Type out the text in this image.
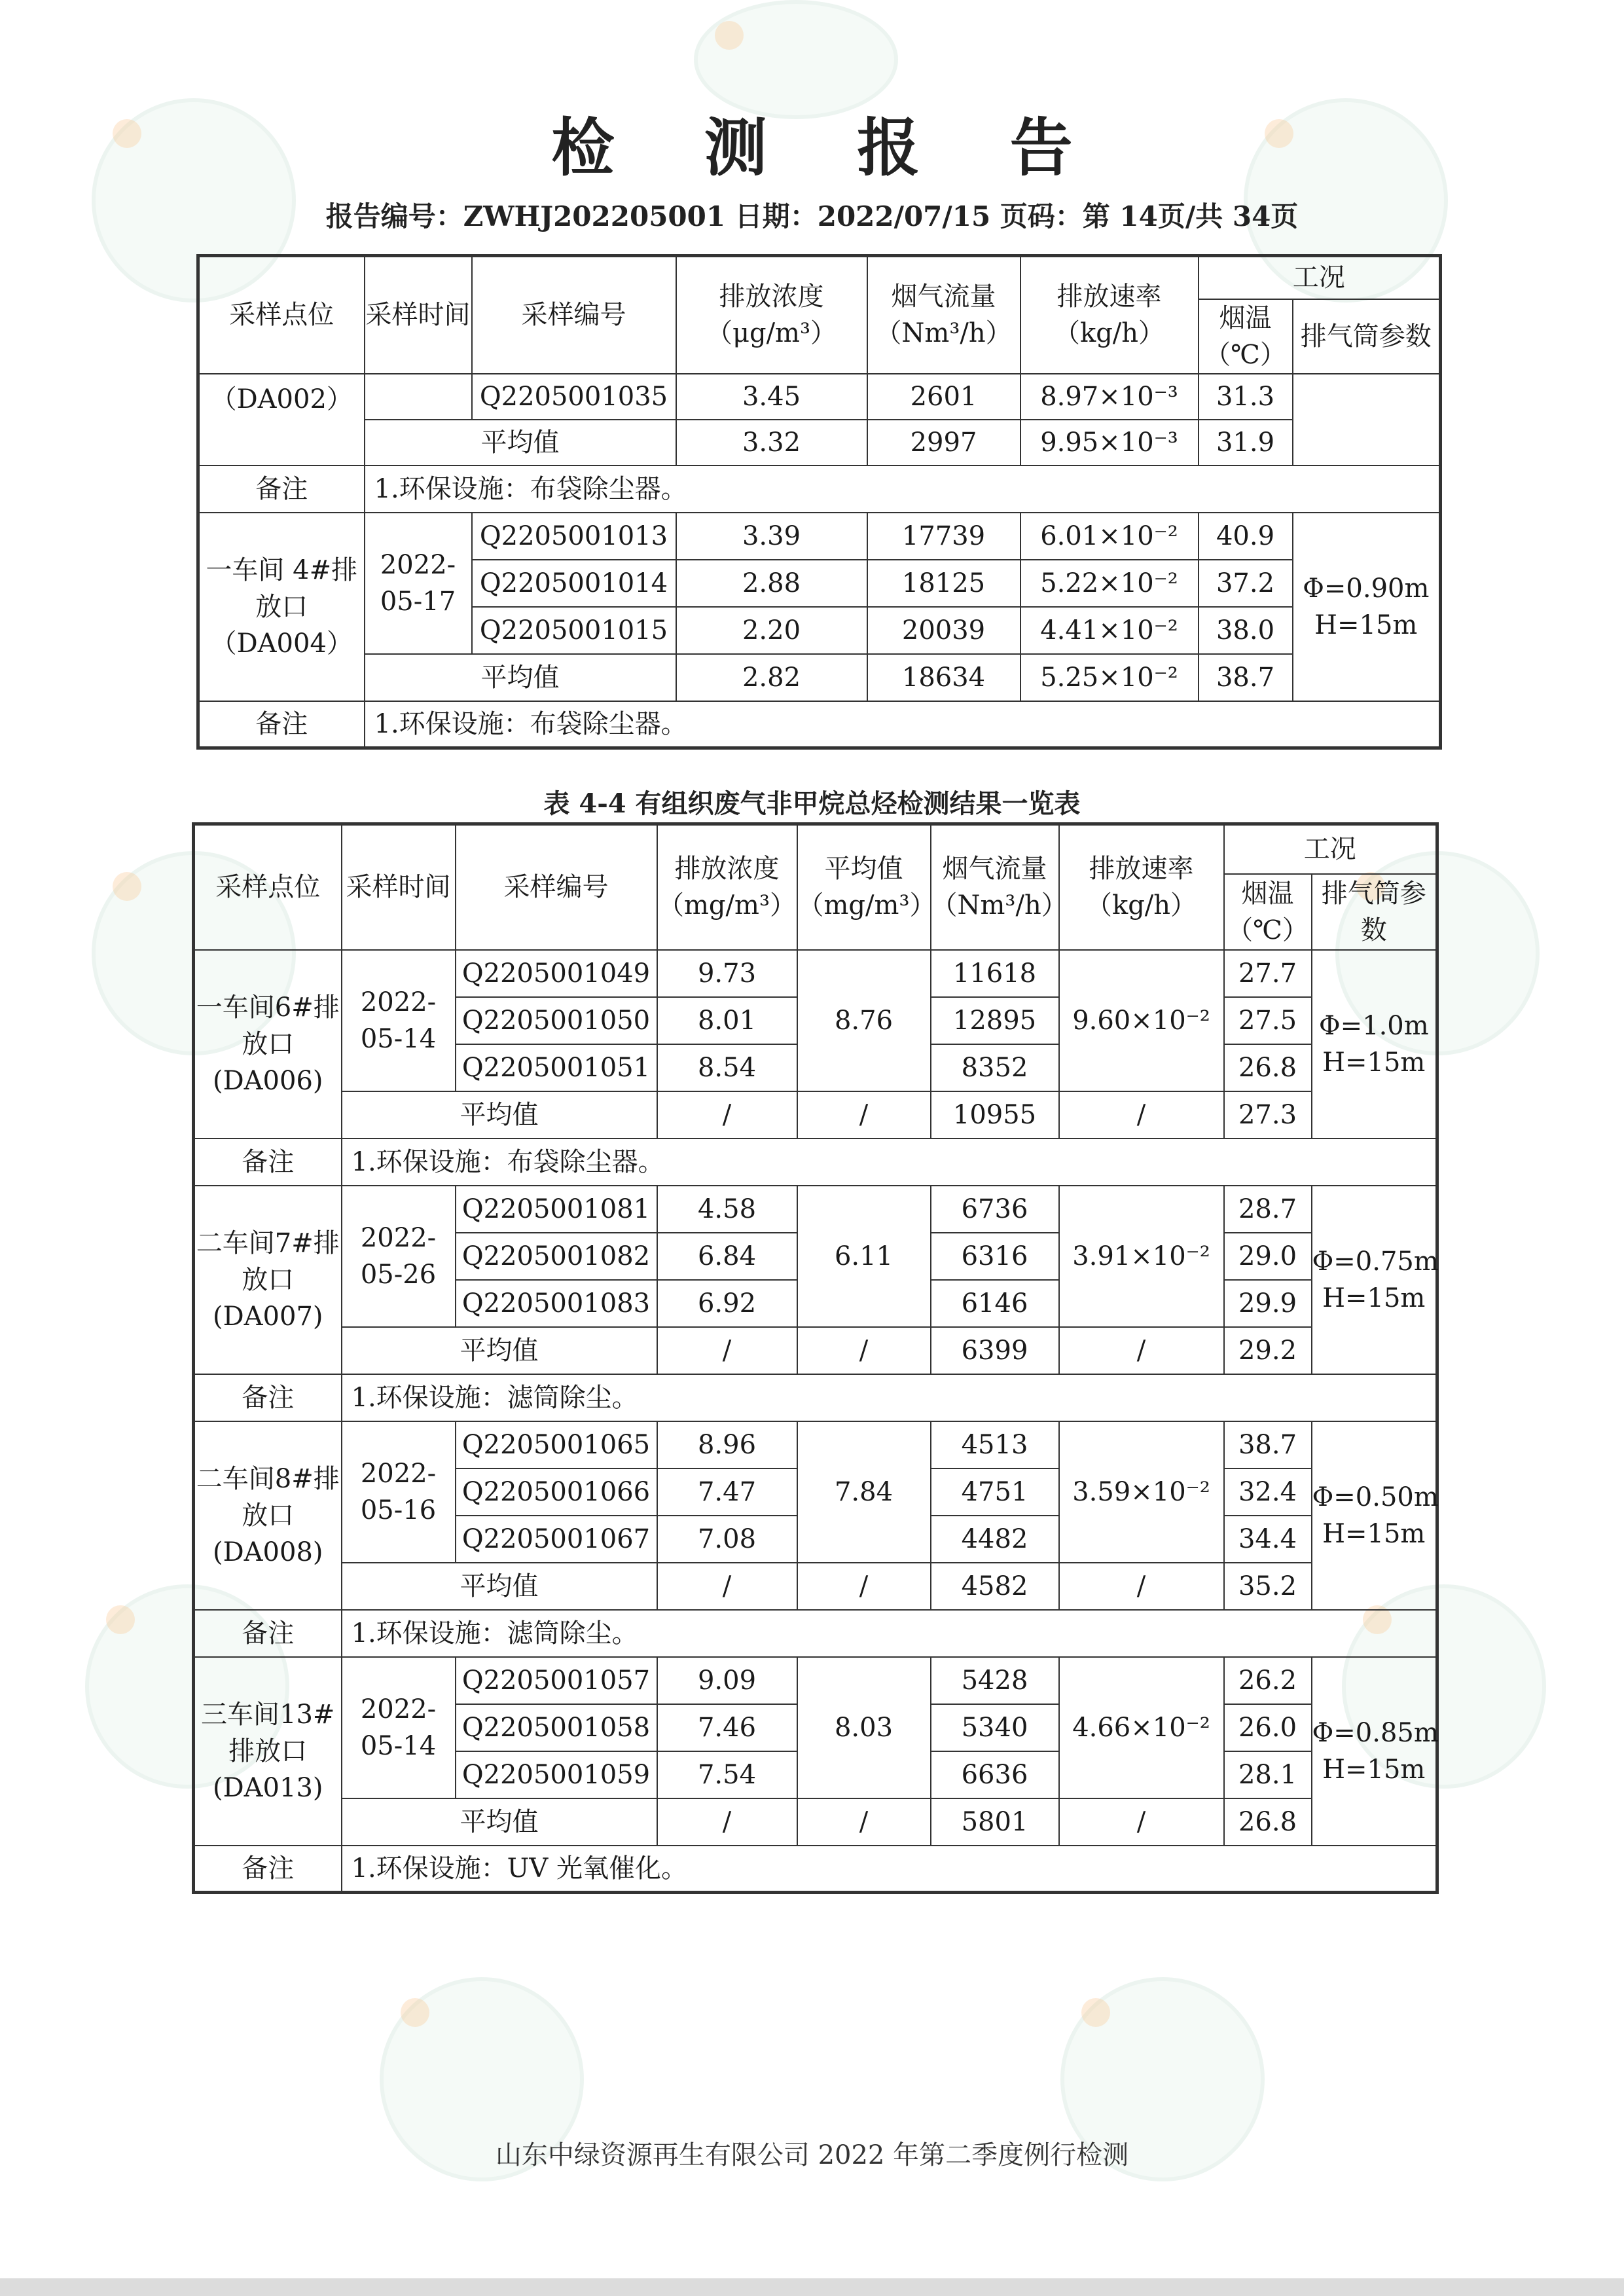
检 测 报 告
报告编号：ZWHJ202205001 日期：2022/07/15 页码：第 14页/共 34页
采样点位	采样时间	采样编号	排放浓度（μg/m³）	烟气流量（Nm³/h）	排放速率（kg/h）	工况	
						烟温（℃）	排气筒参数
（DA002）		Q2205001035	3.45	2601	8.97×10⁻³	31.3	
	平均值		3.32	2997	9.95×10⁻³	31.9	
备注	1.环保设施：布袋除尘器。						
一车间 4#排放口（DA004）	2022-05-17	Q2205001013	3.39	17739	6.01×10⁻²	40.9	Φ=0.90m H=15m
		Q2205001014	2.88	18125	5.22×10⁻²	37.2	
		Q2205001015	2.20	20039	4.41×10⁻²	38.0	
	平均值		2.82	18634	5.25×10⁻²	38.7	
备注	1.环保设施：布袋除尘器。						
表 4-4 有组织废气非甲烷总烃检测结果一览表
采样点位	采样时间	采样编号	排放浓度（mg/m³）	平均值（mg/m³）	烟气流量（Nm³/h）	排放速率（kg/h）	工况	
							烟温（℃）	排气筒参数
一车间6#排放口(DA006)	2022-05-14	Q2205001049	9.73	8.76	11618	9.60×10⁻²	27.7	Φ=1.0m H=15m
		Q2205001050	8.01		12895		27.5	
		Q2205001051	8.54		8352		26.8	
	平均值		/	/	10955	/	27.3	
备注	1.环保设施：布袋除尘器。							
二车间7#排放口(DA007)	2022-05-26	Q2205001081	4.58	6.11	6736	3.91×10⁻²	28.7	Φ=0.75m H=15m
		Q2205001082	6.84		6316		29.0	
		Q2205001083	6.92		6146		29.9	
	平均值		/	/	6399	/	29.2	
备注	1.环保设施：滤筒除尘。							
二车间8#排放口(DA008)	2022-05-16	Q2205001065	8.96	7.84	4513	3.59×10⁻²	38.7	Φ=0.50m H=15m
		Q2205001066	7.47		4751		32.4	
		Q2205001067	7.08		4482		34.4	
	平均值		/	/	4582	/	35.2	
备注	1.环保设施：滤筒除尘。							
三车间13#排放口(DA013)	2022-05-14	Q2205001057	9.09	8.03	5428	4.66×10⁻²	26.2	Φ=0.85m H=15m
		Q2205001058	7.46		5340		26.0	
		Q2205001059	7.54		6636		28.1	
	平均值		/	/	5801	/	26.8	
备注	1.环保设施：UV 光氧催化。							
山东中绿资源再生有限公司 2022 年第二季度例行检测
